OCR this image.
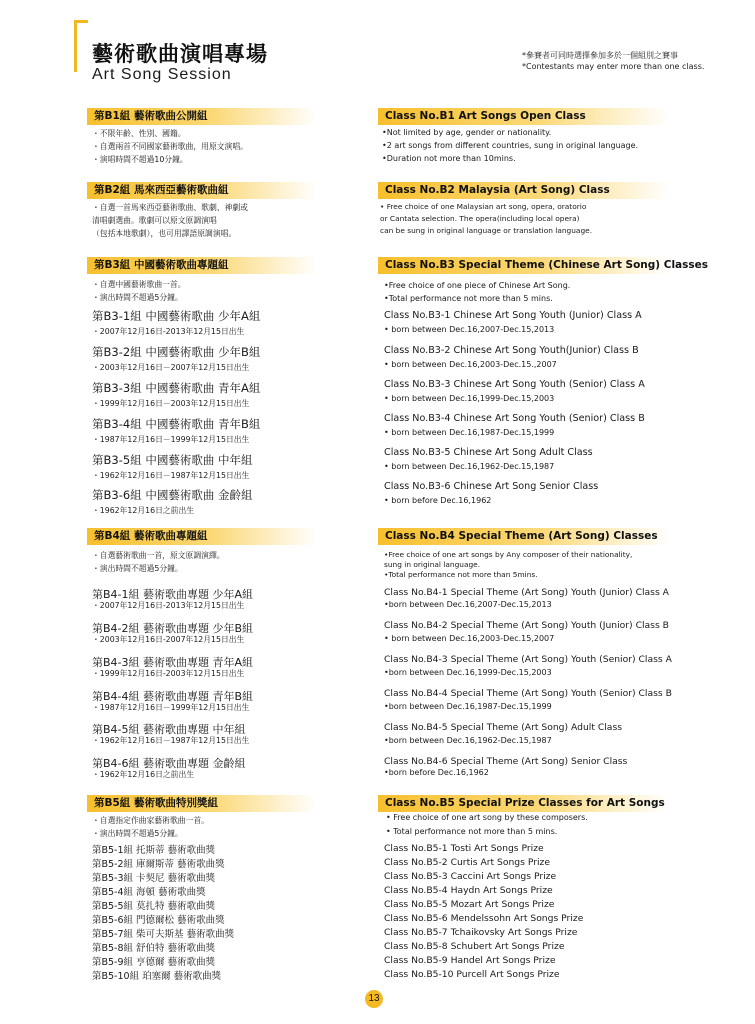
藝術歌曲演唱專場
Art Song Session
*參賽者可同時選擇參加多於一個組別之賽事
*Contestants may enter more than one class.
第B1組 藝術歌曲公開組
・不限年齡、性別、國籍。
・自選兩首不同國家藝術歌曲，用原文演唱。
・演唱時間不超過10分鐘。
第B2組 馬來西亞藝術歌曲組
・自選一首馬來西亞藝術歌曲、歌劇、神劇或
清唱劇選曲。歌劇可以原文原調演唱
（包括本地歌劇），也可用譯語原調演唱。
第B3組 中國藝術歌曲專題組
・自選中國藝術歌曲一首。
・演出時間不超過5分鐘。
第B3-1組 中國藝術歌曲 少年A組
・2007年12月16日-2013年12月15日出生
第B3-2組 中國藝術歌曲 少年B組
・2003年12月16日－2007年12月15日出生
第B3-3組 中國藝術歌曲 青年A組
・1999年12月16日－2003年12月15日出生
第B3-4組 中國藝術歌曲 青年B組
・1987年12月16日－1999年12月15日出生
第B3-5組 中國藝術歌曲 中年組
・1962年12月16日－1987年12月15日出生
第B3-6組 中國藝術歌曲 金齡組
・1962年12月16日之前出生
第B4組 藝術歌曲專題組
・自選藝術歌曲一首，原文原調演繹。
・演出時間不超過5分鐘。
第B4-1組 藝術歌曲專題 少年A組
・2007年12月16日-2013年12月15日出生
第B4-2組 藝術歌曲專題 少年B組
・2003年12月16日-2007年12月15日出生
第B4-3組 藝術歌曲專題 青年A組
・1999年12月16日-2003年12月15日出生
第B4-4組 藝術歌曲專題 青年B組
・1987年12月16日－1999年12月15日出生
第B4-5組 藝術歌曲專題 中年組
・1962年12月16日－1987年12月15日出生
第B4-6組 藝術歌曲專題 金齡組
・1962年12月16日之前出生
第B5組 藝術歌曲特別獎組
・自選指定作曲家藝術歌曲一首。
・演出時間不超過5分鐘。
第B5-1組 托斯蒂 藝術歌曲獎
第B5-2組 庫爾斯蒂 藝術歌曲獎
第B5-3組 卡契尼 藝術歌曲獎
第B5-4組 海頓 藝術歌曲獎
第B5-5組 莫扎特 藝術歌曲獎
第B5-6組 門德爾松 藝術歌曲獎
第B5-7組 柴可夫斯基 藝術歌曲獎
第B5-8組 舒伯特 藝術歌曲獎
第B5-9組 亨德爾 藝術歌曲獎
第B5-10組 珀塞爾 藝術歌曲獎
Class No.B1 Art Songs Open Class
•Not limited by age, gender or nationality.
•2 art songs from different countries, sung in original language.
•Duration not more than 10mins.
Class No.B2 Malaysia (Art Song) Class
• Free choice of one Malaysian art song, opera, oratorio
or Cantata selection. The opera(including local opera)
can be sung in original language or translation language.
Class No.B3 Special Theme (Chinese Art Song) Classes
•Free choice of one piece of Chinese Art Song.
•Total performance not more than 5 mins.
Class No.B3-1 Chinese Art Song Youth (Junior) Class A
• born between Dec.16,2007-Dec.15,2013
Class No.B3-2 Chinese Art Song Youth(Junior) Class B
• born between Dec.16,2003-Dec.15.,2007
Class No.B3-3 Chinese Art Song Youth (Senior) Class A
• born between Dec.16,1999-Dec.15,2003
Class No.B3-4 Chinese Art Song Youth (Senior) Class B
• born between Dec.16,1987-Dec.15,1999
Class No.B3-5 Chinese Art Song Adult Class
• born between Dec.16,1962-Dec.15,1987
Class No.B3-6 Chinese Art Song Senior Class
• born before Dec.16,1962
Class No.B4 Special Theme (Art Song) Classes
•Free choice of one art songs by Any composer of their nationality,
sung in original language.
•Total performance not more than 5mins.
Class No.B4-1 Special Theme (Art Song) Youth (Junior) Class A
•born between Dec.16,2007-Dec.15,2013
Class No.B4-2 Special Theme (Art Song) Youth (Junior) Class B
• born between Dec.16,2003-Dec.15,2007
Class No.B4-3 Special Theme (Art Song) Youth (Senior) Class A
•born between Dec.16,1999-Dec.15,2003
Class No.B4-4 Special Theme (Art Song) Youth (Senior) Class B
•born between Dec.16,1987-Dec.15,1999
Class No.B4-5 Special Theme (Art Song) Adult Class
•born between Dec.16,1962-Dec.15,1987
Class No.B4-6 Special Theme (Art Song) Senior Class
•born before Dec.16,1962
Class No.B5 Special Prize Classes for Art Songs
• Free choice of one art song by these composers.
• Total performance not more than 5 mins.
Class No.B5-1 Tosti Art Songs Prize
Class No.B5-2 Curtis Art Songs Prize
Class No.B5-3 Caccini Art Songs Prize
Class No.B5-4 Haydn Art Songs Prize
Class No.B5-5 Mozart Art Songs Prize
Class No.B5-6 Mendelssohn Art Songs Prize
Class No.B5-7 Tchaikovsky Art Songs Prize
Class No.B5-8 Schubert Art Songs Prize
Class No.B5-9 Handel Art Songs Prize
Class No.B5-10 Purcell Art Songs Prize
13
